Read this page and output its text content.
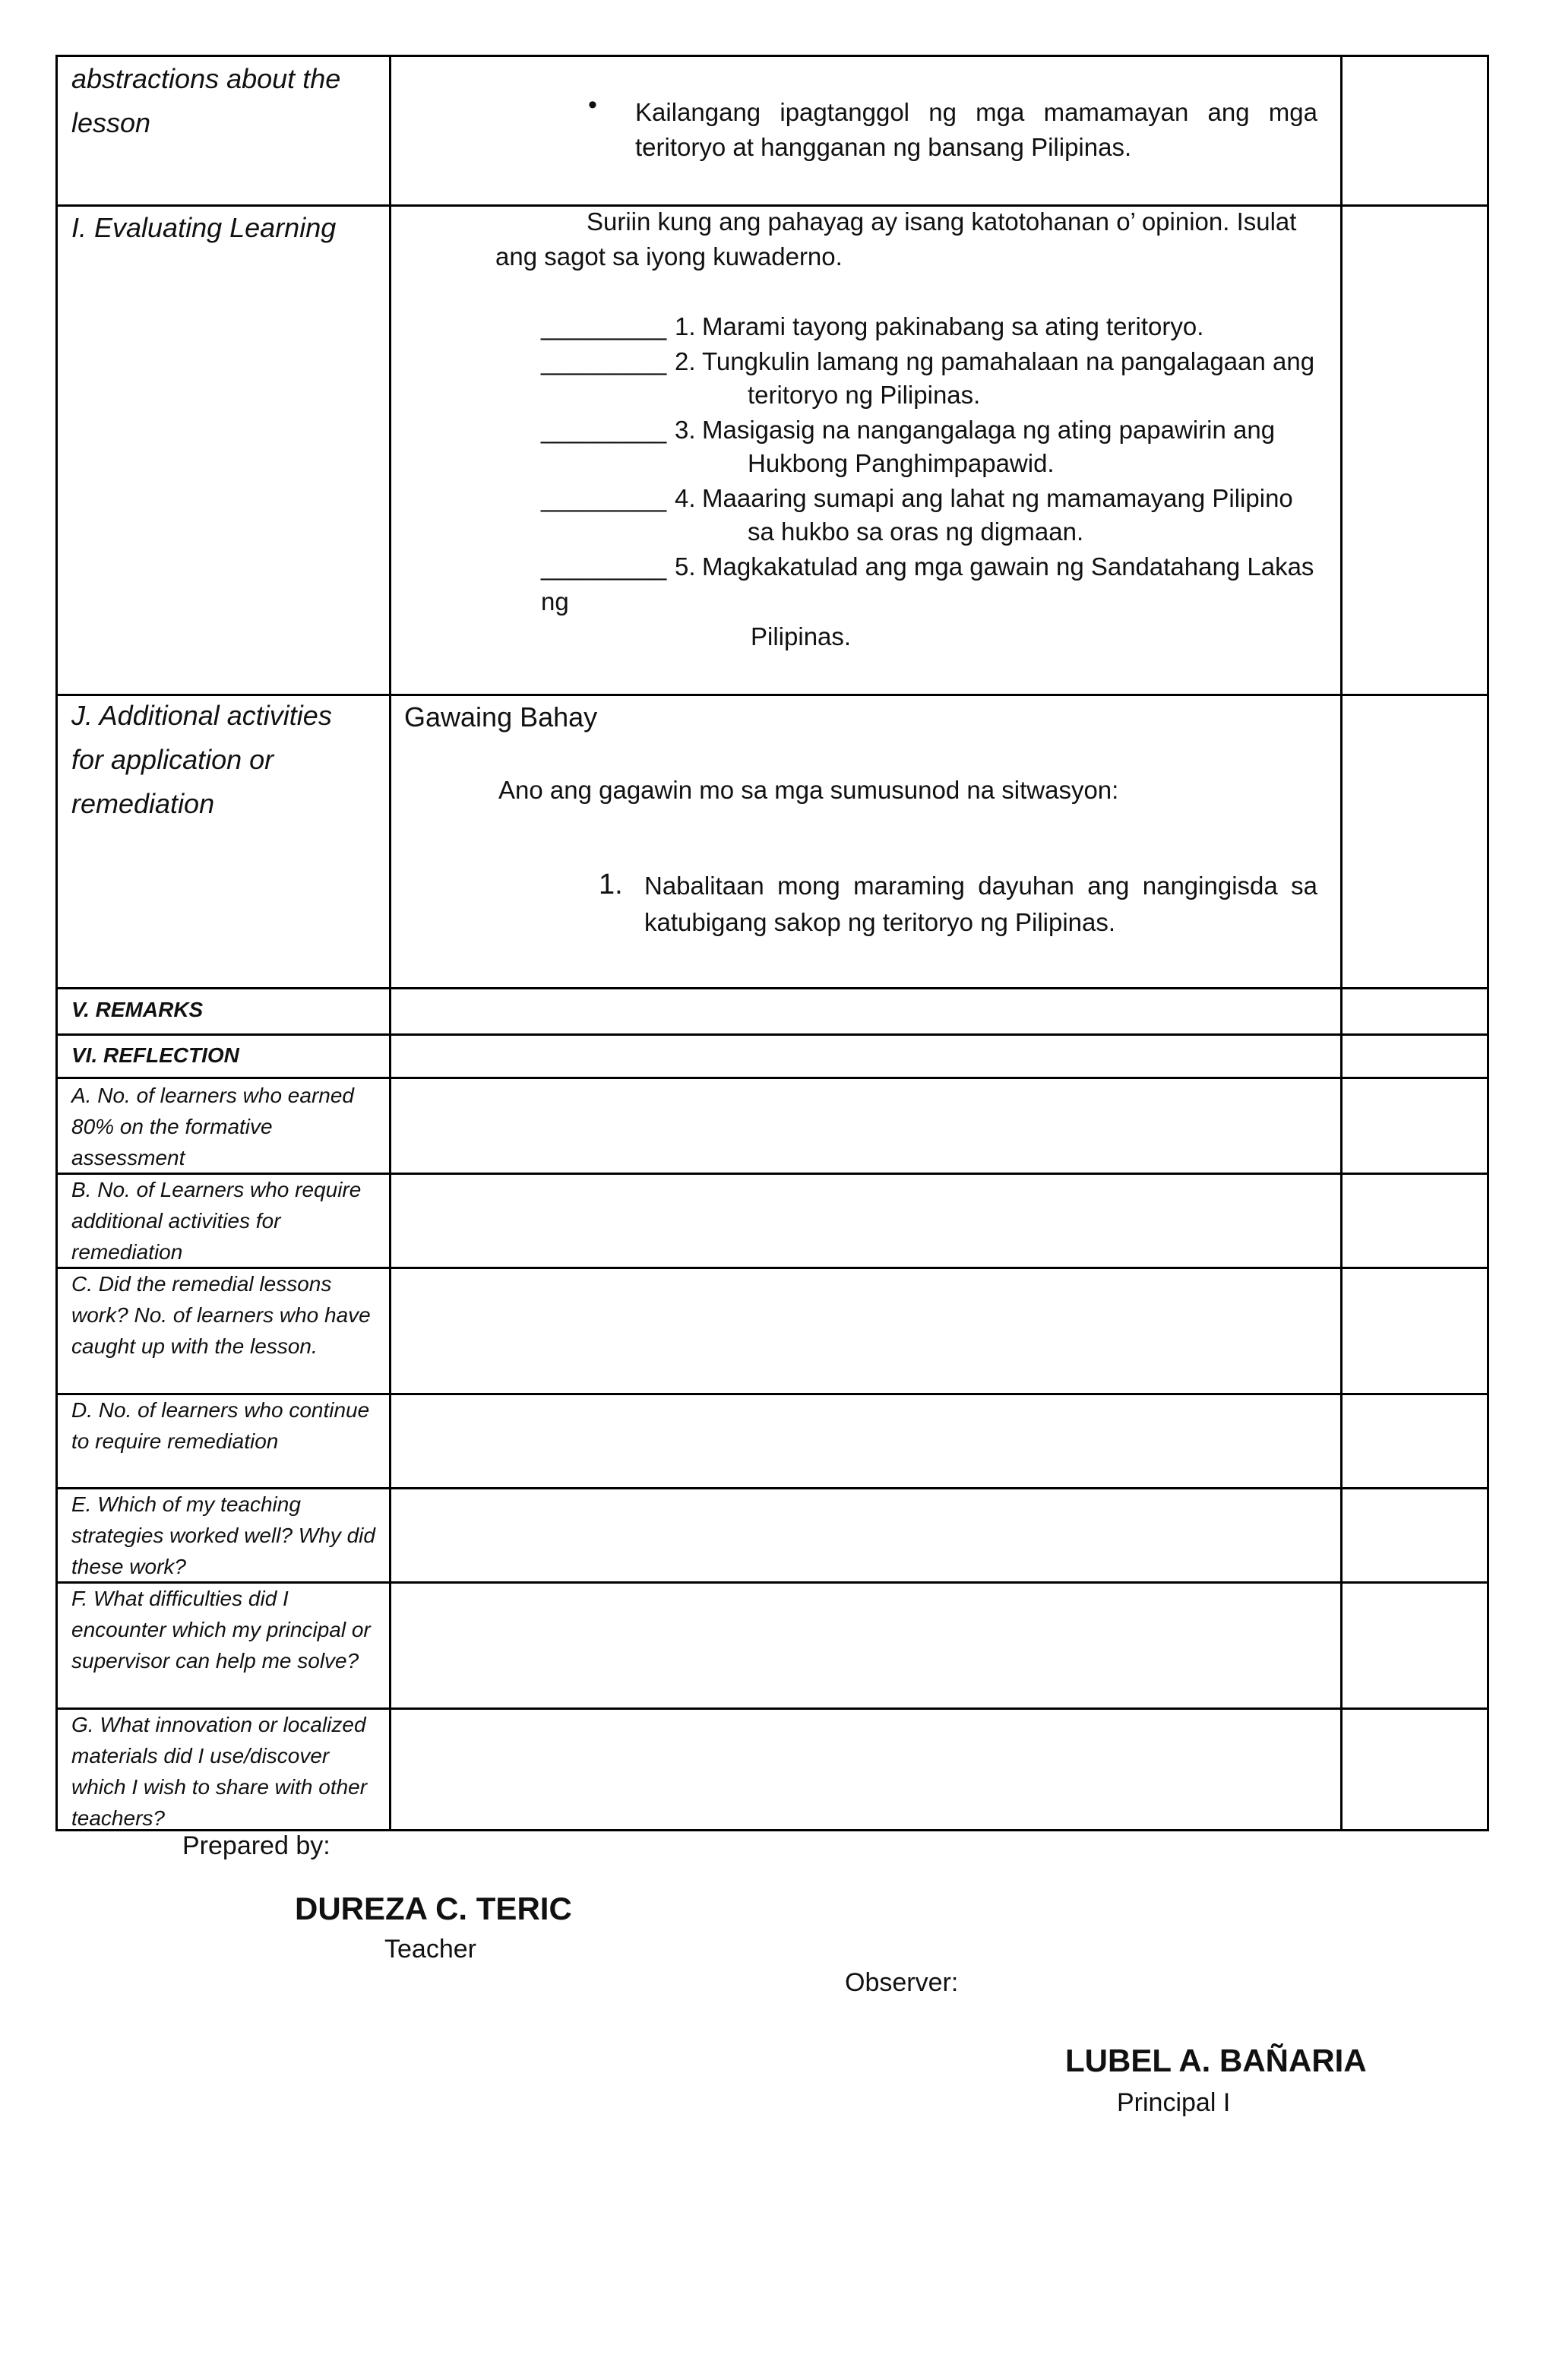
abstractions about the lesson
• Kailangang ipagtanggol ng mga mamamayan ang mga teritoryo at hangganan ng bansang Pilipinas.
I. Evaluating Learning	Suriin kung ang pahayag ay isang katotohanan o’ opinion. Isulat
ang sagot sa iyong kuwaderno.
_________ 1. Marami tayong pakinabang sa ating teritoryo.
_________ 2. Tungkulin lamang ng pamahalaan na pangalagaan ang
teritoryo ng Pilipinas.
_________ 3. Masigasig na nangangalaga ng ating papawirin ang
Hukbong Panghimpapawid.
_________ 4. Maaaring sumapi ang lahat ng mamamayang Pilipino
sa hukbo sa oras ng digmaan.
_________ 5. Magkakatulad ang mga gawain ng Sandatahang Lakas
ng
Pilipinas.
J. Additional activities
for application or
remediation
Gawaing Bahay
Ano ang gagawin mo sa mga sumusunod na sitwasyon:
1. Nabalitaan mong maraming dayuhan ang nangingisda sa
katubigang sakop ng teritoryo ng Pilipinas.
V. REMARKS
VI. REFLECTION
A. No. of learners who earned 80% on the formative assessment
B. No. of Learners who require additional activities for remediation
C. Did the remedial lessons work? No. of learners who have caught up with the lesson.
D. No. of learners who continue to require remediation
E. Which of my teaching strategies worked well? Why did these work?
F. What difficulties did I encounter which my principal or supervisor can help me solve?
G. What innovation or localized materials did I use/discover which I wish to share with other teachers?
Prepared by:
DUREZA C. TERIC
Teacher
Observer:
LUBEL A. BAÑARIA
Principal I
